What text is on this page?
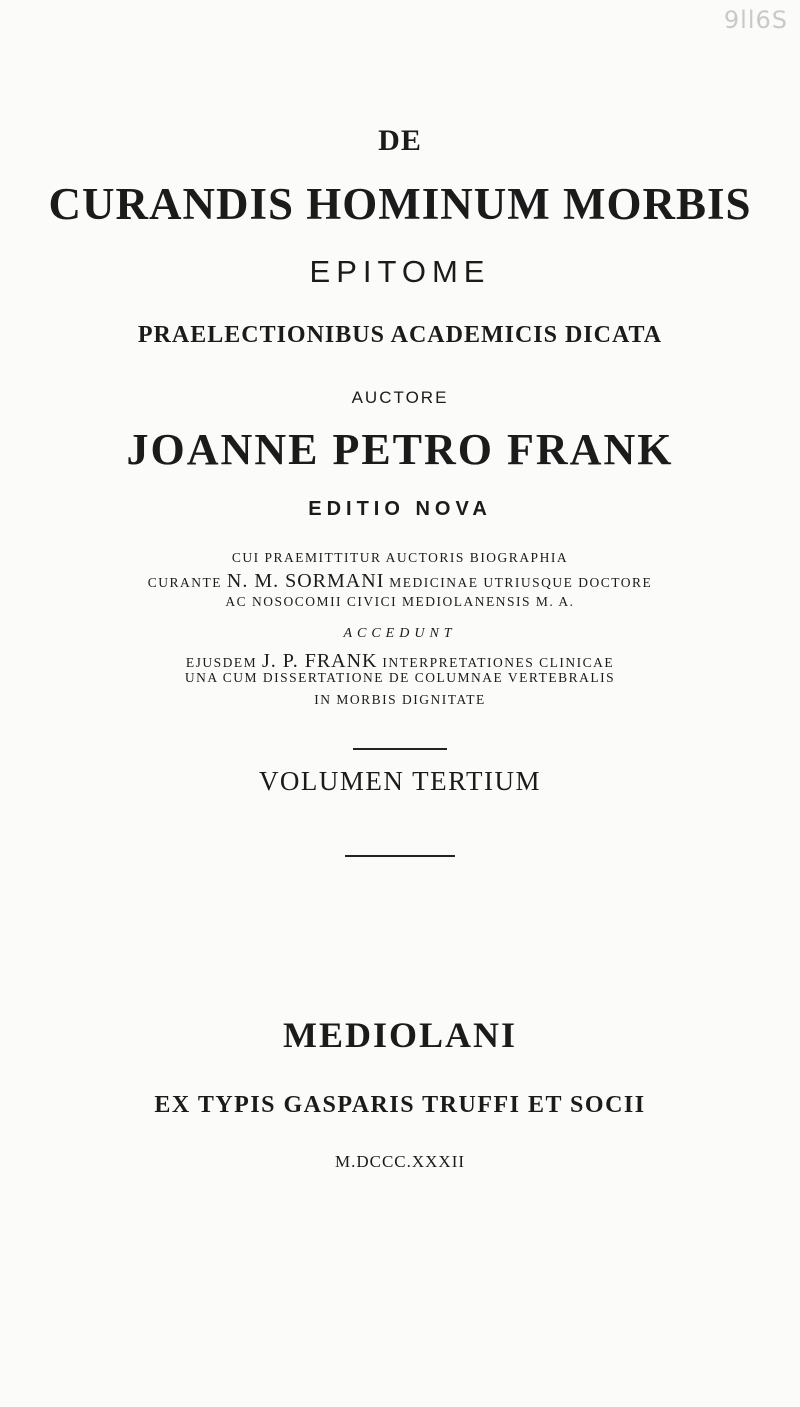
9ll6S
DE
CURANDIS HOMINUM MORBIS
EPITOME
PRAELECTIONIBUS ACADEMICIS DICATA
AUCTORE
JOANNE PETRO FRANK
EDITIO NOVA
CUI PRAEMITTITUR AUCTORIS BIOGRAPHIA
CURANTE N. M. SORMANI MEDICINAE UTRIUSQUE DOCTORE
AC NOSOCOMII CIVICI MEDIOLANENSIS M. A.
ACCEDUNT
EJUSDEM J. P. FRANK INTERPRETATIONES CLINICAE
UNA CUM DISSERTATIONE DE COLUMNAE VERTEBRALIS
IN MORBIS DIGNITATE
VOLUMEN TERTIUM
MEDIOLANI
EX TYPIS GASPARIS TRUFFI ET SOCII
M.DCCC.XXXII
